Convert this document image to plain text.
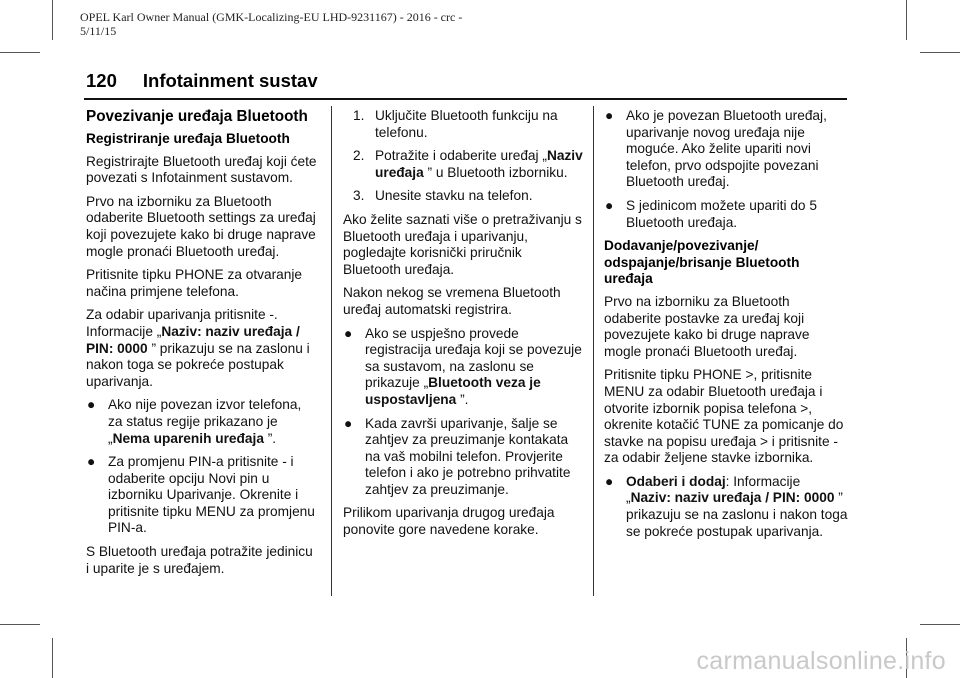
OPEL Karl Owner Manual (GMK-Localizing-EU LHD-9231167) - 2016 - crc -
5/11/15
120 Infotainment sustav
Povezivanje uređaja Bluetooth
Registriranje uređaja Bluetooth

Registrirajte Bluetooth uređaj koji ćete povezati s Infotainment sustavom.

Prvo na izborniku za Bluetooth odaberite Bluetooth settings za uređaj koji povezujete kako bi druge naprave mogle pronaći Bluetooth uređaj.

Pritisnite tipku PHONE za otvaranje načina primjene telefona.

Za odabir uparivanja pritisnite -. Informacije „Naziv: naziv uređaja / PIN: 0000 ” prikazuju se na zaslonu i nakon toga se pokreće postupak uparivanja.

● Ako nije povezan izvor telefona, za status regije prikazano je „Nema uparenih uređaja ”.
● Za promjenu PIN-a pritisnite - i odaberite opciju Novi pin u izborniku Uparivanje. Okrenite i pritisnite tipku MENU za promjenu PIN-a.

S Bluetooth uređaja potražite jedinicu i uparite je s uređajem.

1. Uključite Bluetooth funkciju na telefonu.
2. Potražite i odaberite uređaj „Naziv uređaja ” u Bluetooth izborniku.
3. Unesite stavku na telefon.

Ako želite saznati više o pretraživanju s Bluetooth uređaja i uparivanju, pogledajte korisnički priručnik Bluetooth uređaja.

Nakon nekog se vremena Bluetooth uređaj automatski registrira.

● Ako se uspješno provede registracija uređaja koji se povezuje sa sustavom, na zaslonu se prikazuje „Bluetooth veza je uspostavljena ”.
● Kada završi uparivanje, šalje se zahtjev za preuzimanje kontakata na vaš mobilni telefon. Provjerite telefon i ako je potrebno prihvatite zahtjev za preuzimanje.

Prilikom uparivanja drugog uređaja ponovite gore navedene korake.

● Ako je povezan Bluetooth uređaj, uparivanje novog uređaja nije moguće. Ako želite upariti novi telefon, prvo odspojite povezani Bluetooth uređaj.
● S jedinicom možete upariti do 5 Bluetooth uređaja.
Dodavanje/povezivanje/ odspajanje/brisanje Bluetooth uređaja

Prvo na izborniku za Bluetooth odaberite postavke za uređaj koji povezujete kako bi druge naprave mogle pronaći Bluetooth uređaj.

Pritisnite tipku PHONE >, pritisnite MENU za odabir Bluetooth uređaja i otvorite izbornik popisa telefona >, okrenite kotačić TUNE za pomicanje do stavke na popisu uređaja > i pritisnite - za odabir željene stavke izbornika.

● Odaberi i dodaj: Informacije „Naziv: naziv uređaja / PIN: 0000 ” prikazuju se na zaslonu i nakon toga se pokreće postupak uparivanja.
carmanualsonline.info
